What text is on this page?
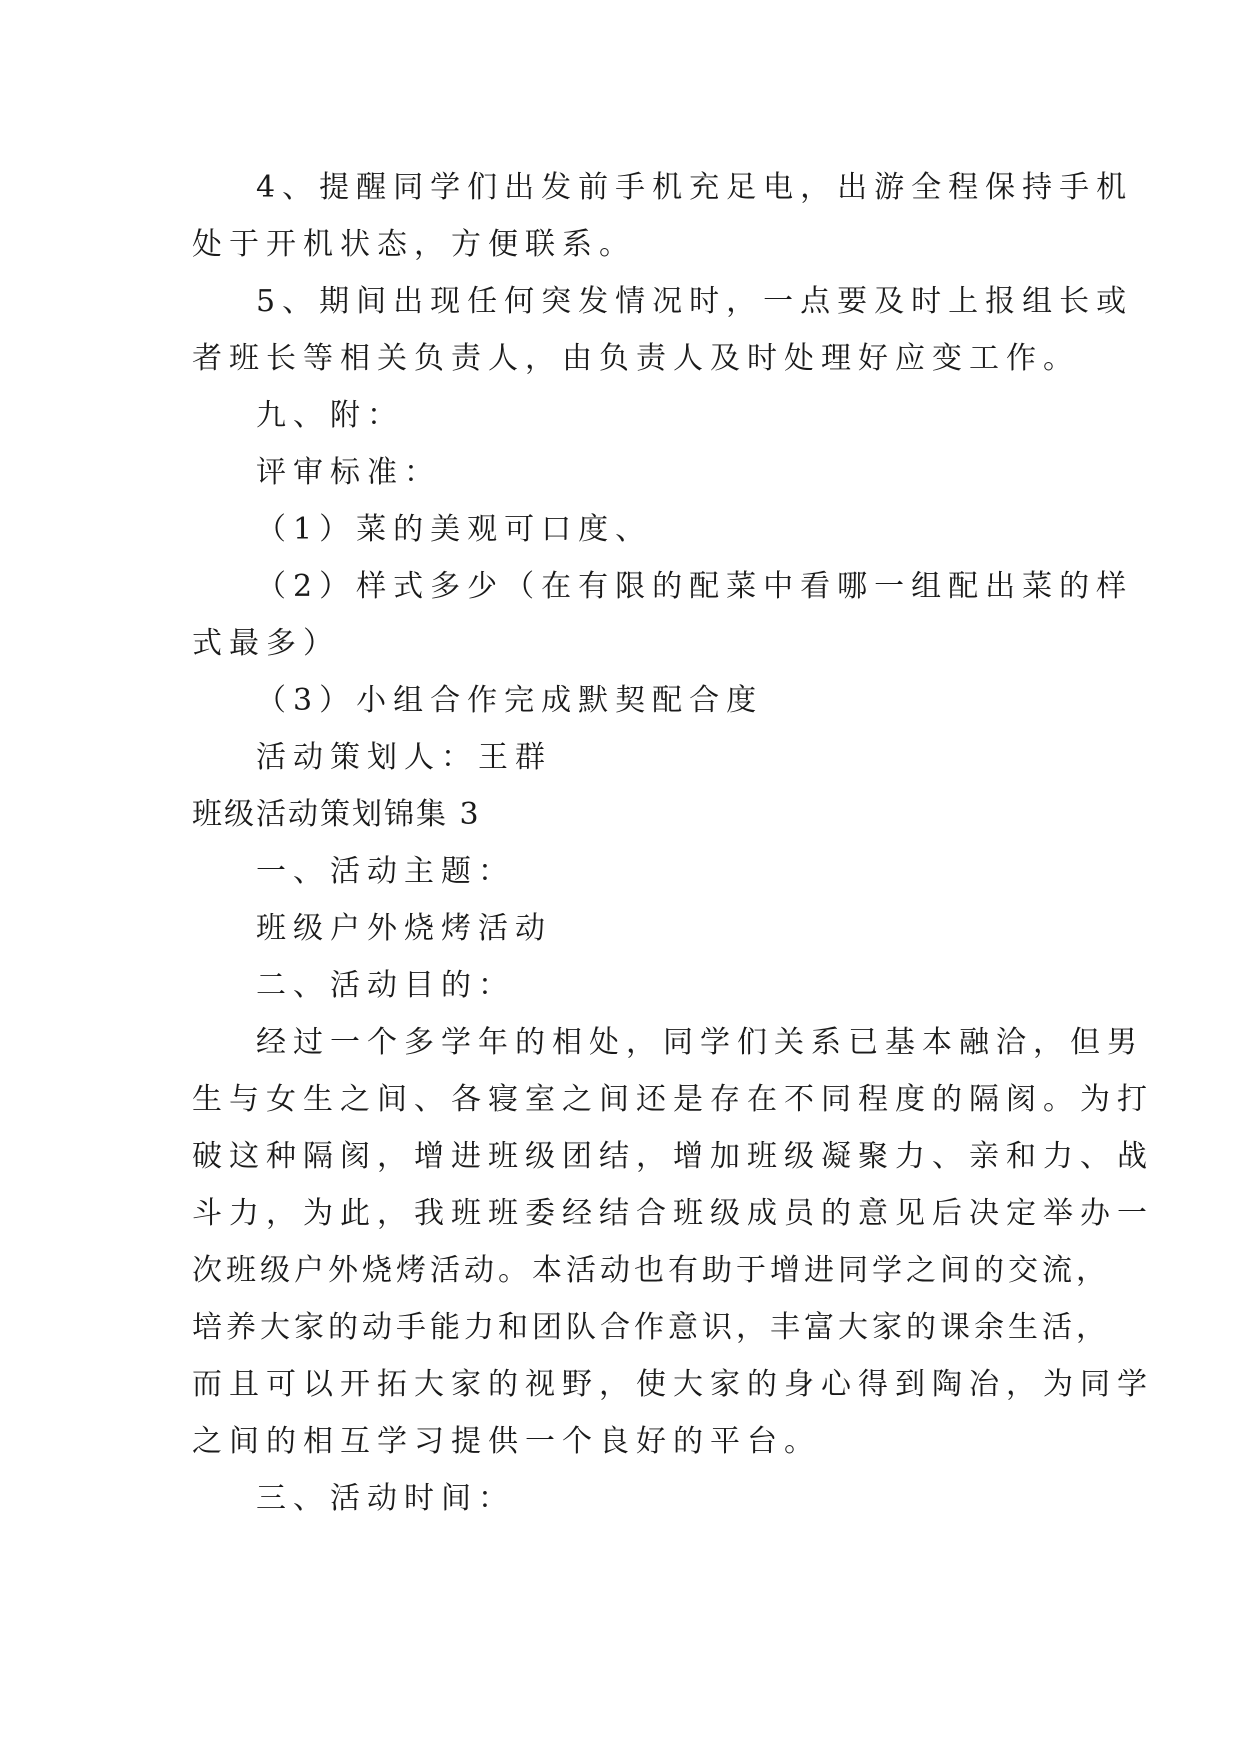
4、提醒同学们出发前手机充足电，出游全程保持手机
处于开机状态，方便联系。
5、期间出现任何突发情况时，一点要及时上报组长或
者班长等相关负责人，由负责人及时处理好应变工作。
九、附：
评审标准：
（1）菜的美观可口度、
（2）样式多少（在有限的配菜中看哪一组配出菜的样
式最多）
（3）小组合作完成默契配合度
活动策划人：王群
班级活动策划锦集 3
一、活动主题：
班级户外烧烤活动
二、活动目的：
经过一个多学年的相处，同学们关系已基本融洽，但男
生与女生之间、各寝室之间还是存在不同程度的隔阂。为打
破这种隔阂，增进班级团结，增加班级凝聚力、亲和力、战
斗力，为此，我班班委经结合班级成员的意见后决定举办一
次班级户外烧烤活动。本活动也有助于增进同学之间的交流，
培养大家的动手能力和团队合作意识，丰富大家的课余生活，
而且可以开拓大家的视野，使大家的身心得到陶冶，为同学
之间的相互学习提供一个良好的平台。
三、活动时间：
